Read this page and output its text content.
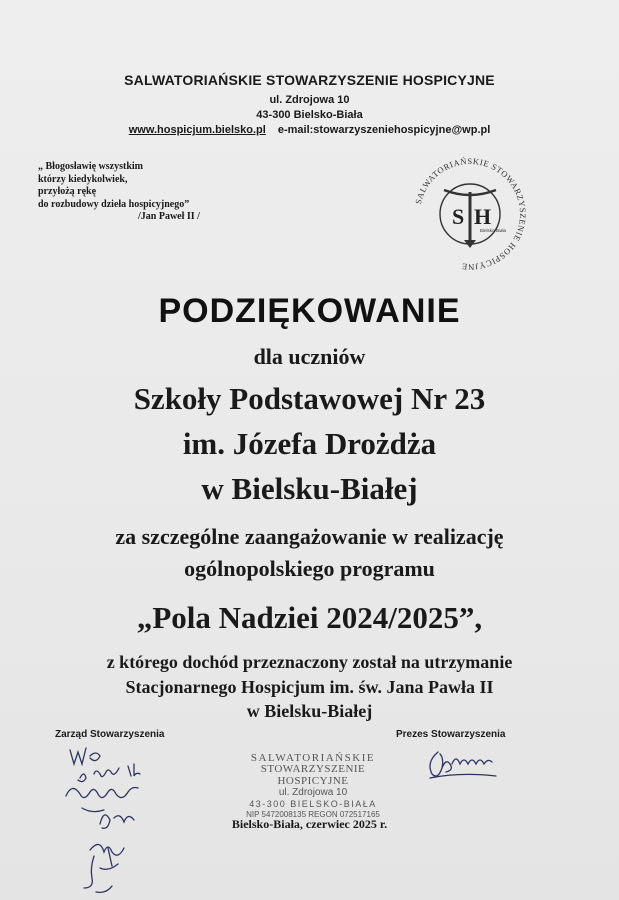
SALWATORIAŃSKIE STOWARZYSZENIE HOSPICYJNE
ul. Zdrojowa 10
43-300 Bielsko-Biała
www.hospicjum.bielsko.pl e-mail:stowarzyszeniehospicyjne@wp.pl
„ Błogosławię wszystkim
którzy kiedykolwiek,
przyłożą rękę
do rozbudowy dzieła hospicyjnego”
/Jan Paweł II /
SALWATORIAŃSKIE STOWARZYSZENIE HOSPICYJNE
S H
Bielsko-Biała
PODZIĘKOWANIE
dla uczniów
Szkoły Podstawowej Nr 23
im. Józefa Drożdża
w Bielsku-Białej
za szczególne zaangażowanie w realizację
ogólnopolskiego programu
„Pola Nadziei 2024/2025”,
z którego dochód przeznaczony został na utrzymanie
Stacjonarnego Hospicjum im. św. Jana Pawła II
w Bielsku-Białej
Zarząd Stowarzyszenia	Prezes Stowarzyszenia
SALWATORIAŃSKIE
STOWARZYSZENIE HOSPICYJNE
ul. Zdrojowa 10
43-300 BIELSKO-BIAŁA
NIP 5472008135 REGON 072517165
Bielsko-Biała, czerwiec 2025 r.
